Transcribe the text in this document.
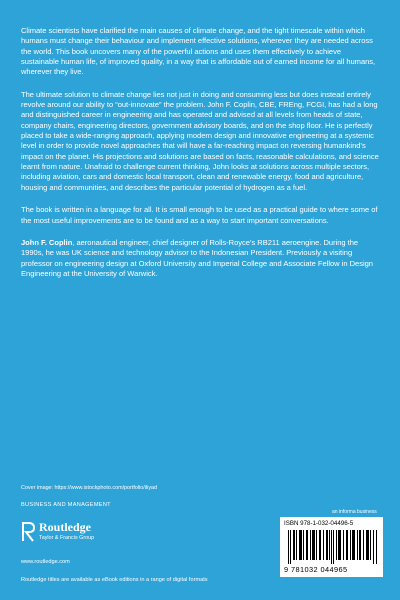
Climate scientists have clarified the main causes of climate change, and the tight timescale within which humans must change their behaviour and implement effective solutions, wherever they are needed across the world. This book uncovers many of the powerful actions and uses them effectively to achieve sustainable human life, of improved quality, in a way that is affordable out of earned income for all humans, wherever they live.

The ultimate solution to climate change lies not just in doing and consuming less but does instead entirely revolve around our ability to “out-innovate” the problem. John F. Coplin, CBE, FREng, FCGI, has had a long and distinguished career in engineering and has operated and advised at all levels from heads of state, company chairs, engineering directors, government advisory boards, and on the shop floor. He is perfectly placed to take a wide-ranging approach, applying modern design and innovative engineering at a systemic level in order to provide novel approaches that will have a far-reaching impact on reversing humankind’s impact on the planet. His projections and solutions are based on facts, reasonable calculations, and science learnt from nature. Unafraid to challenge current thinking, John looks at solutions across multiple sectors, including aviation, cars and domestic local transport, clean and renewable energy, food and agriculture, housing and communities, and describes the particular potential of hydrogen as a fuel.

The book is written in a language for all. It is small enough to be used as a practical guide to where some of the most useful improvements are to be found and as a way to start important conversations.

John F. Coplin, aeronautical engineer, chief designer of Rolls-Royce’s RB211 aeroengine. During the 1990s, he was UK science and technology advisor to the Indonesian President. Previously a visiting professor on engineering design at Oxford University and Imperial College and Associate Fellow in Design Engineering at the University of Warwick.

Cover image: https://www.istockphoto.com/portfolio/iliyad
BUSINESS AND MANAGEMENT
Routledge
Taylor & Francis Group
www.routledge.com
Routledge titles are available as eBook editions in a range of digital formats
an informa business
ISBN 978-1-032-04496-5
9 781032 044965
